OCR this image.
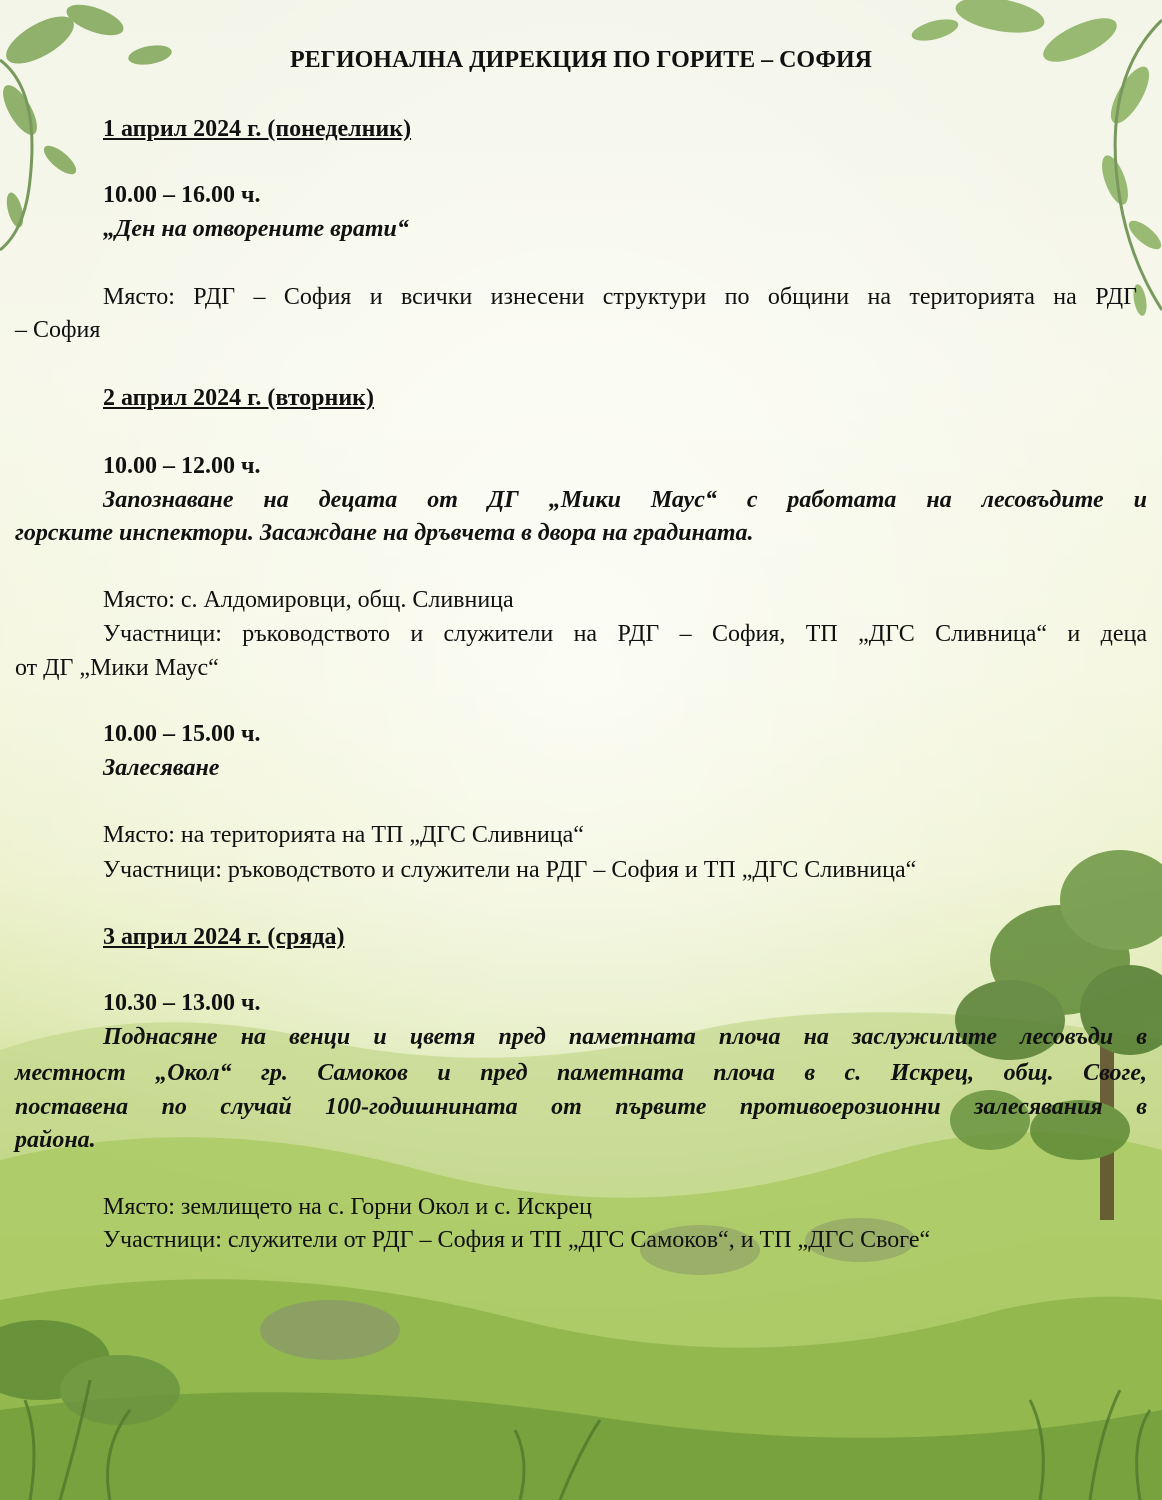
РЕГИОНАЛНА ДИРЕКЦИЯ ПО ГОРИТЕ – СОФИЯ
1 април 2024 г. (понеделник)
10.00 – 16.00 ч.
„Ден на отворените врати“
Място: РДГ – София и всички изнесени структури по общини на територията на РДГ
– София
2 април 2024 г. (вторник)
10.00 – 12.00 ч.
Запознаване на децата от ДГ „Мики Маус“ с работата на лесовъдите и
горските инспектори. Засаждане на дръвчета в двора на градината.
Място: с. Алдомировци, общ. Сливница
Участници: ръководството и служители на РДГ – София, ТП „ДГС Сливница“ и деца
от ДГ „Мики Маус“
10.00 – 15.00 ч.
Залесяване
Място: на територията на ТП „ДГС Сливница“
Участници: ръководството и служители на РДГ – София и ТП „ДГС Сливница“
3 април 2024 г. (сряда)
10.30 – 13.00 ч.
Поднасяне на венци и цветя пред паметната плоча на заслужилите лесовъди в
местност „Окол“ гр. Самоков и пред паметната плоча в с. Искрец, общ. Своге,
поставена по случай 100-годишнината от първите противоерозионни залесявания в
района.
Място: землището на с. Горни Окол и с. Искрец
Участници: служители от РДГ – София и ТП „ДГС Самоков“, и ТП „ДГС Своге“
